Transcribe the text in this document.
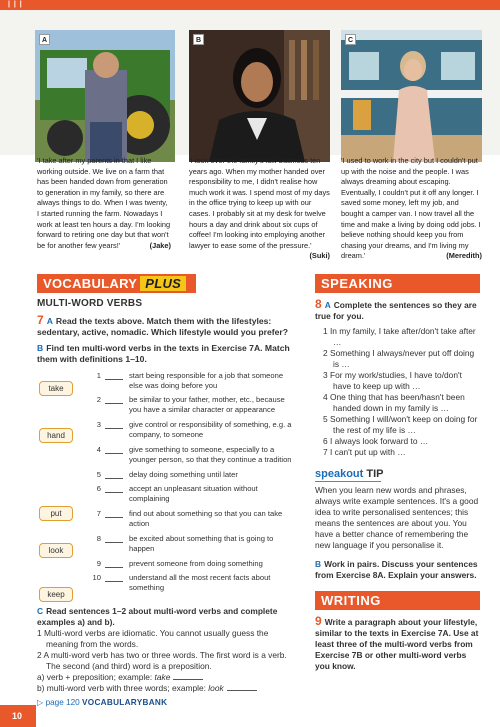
| | |
A	B	C

'I take after my parents in that I like working outside. We live on a farm that has been handed down from generation to generation in my family, so there are always things to do. When I was twenty, I started running the farm. Nowadays I work at least ten hours a day. I'm looking forward to retiring one day but that won't be for another few years!'	(Jake)

'I took over the family's law business ten years ago. When my mother handed over responsibility to me, I didn't realise how much work it was. I spend most of my days in the office trying to keep up with our cases. I probably sit at my desk for twelve hours a day and drink about six cups of coffee! I'm looking into employing another lawyer to ease some of the pressure.'
(Suki)

'I used to work in the city but I couldn't put up with the noise and the people. I was always dreaming about escaping. Eventually, I couldn't put it off any longer. I saved some money, left my job, and bought a camper van. I now travel all the time and make a living by doing odd jobs. I believe nothing should keep you from chasing your dreams, and I'm living my dream.'	(Meredith)

VOCABULARY PLUS
MULTI-WORD VERBS
7 A Read the texts above. Match them with the lifestyles: sedentary, active, nomadic. Which lifestyle would you prefer?
B Find ten multi-word verbs in the texts in Exercise 7A. Match them with definitions 1–10.
take
hand
put
look
keep
1	start being responsible for a job that someone else was doing before you
2	be similar to your father, mother, etc., because you have a similar character or appearance
3	give control or responsibility of something, e.g. a company, to someone
4	give something to someone, especially to a younger person, so that they continue a tradition
5	delay doing something until later
6	accept an unpleasant situation without complaining
7	find out about something so that you can take action
8	be excited about something that is going to happen
9	prevent someone from doing something
10	understand all the most recent facts about something
C Read sentences 1–2 about multi-word verbs and complete examples a) and b).
1 Multi-word verbs are idiomatic. You cannot usually guess the meaning from the words.
2 A multi-word verb has two or three words. The first word is a verb. The second (and third) word is a preposition.
a) verb + preposition; example: take
b) multi-word verb with three words; example: look
▷ page 120 VOCABULARYBANK
SPEAKING
8 A Complete the sentences so they are true for you.
1 In my family, I take after/don't take after …
2 Something I always/never put off doing is …
3 For my work/studies, I have to/don't have to keep up with …
4 One thing that has been/hasn't been handed down in my family is …
5 Something I will/won't keep on doing for the rest of my life is …
6 I always look forward to …
7 I can't put up with …
speakout TIP
When you learn new words and phrases, always write example sentences. It's a good idea to write personalised sentences; this means the sentences are about you. You have a better chance of remembering the new language if you personalise it.
B Work in pairs. Discuss your sentences from Exercise 8A. Explain your answers.
WRITING
9 Write a paragraph about your lifestyle, similar to the texts in Exercise 7A. Use at least three of the multi-word verbs from Exercise 7B or other multi-word verbs you know.
10
